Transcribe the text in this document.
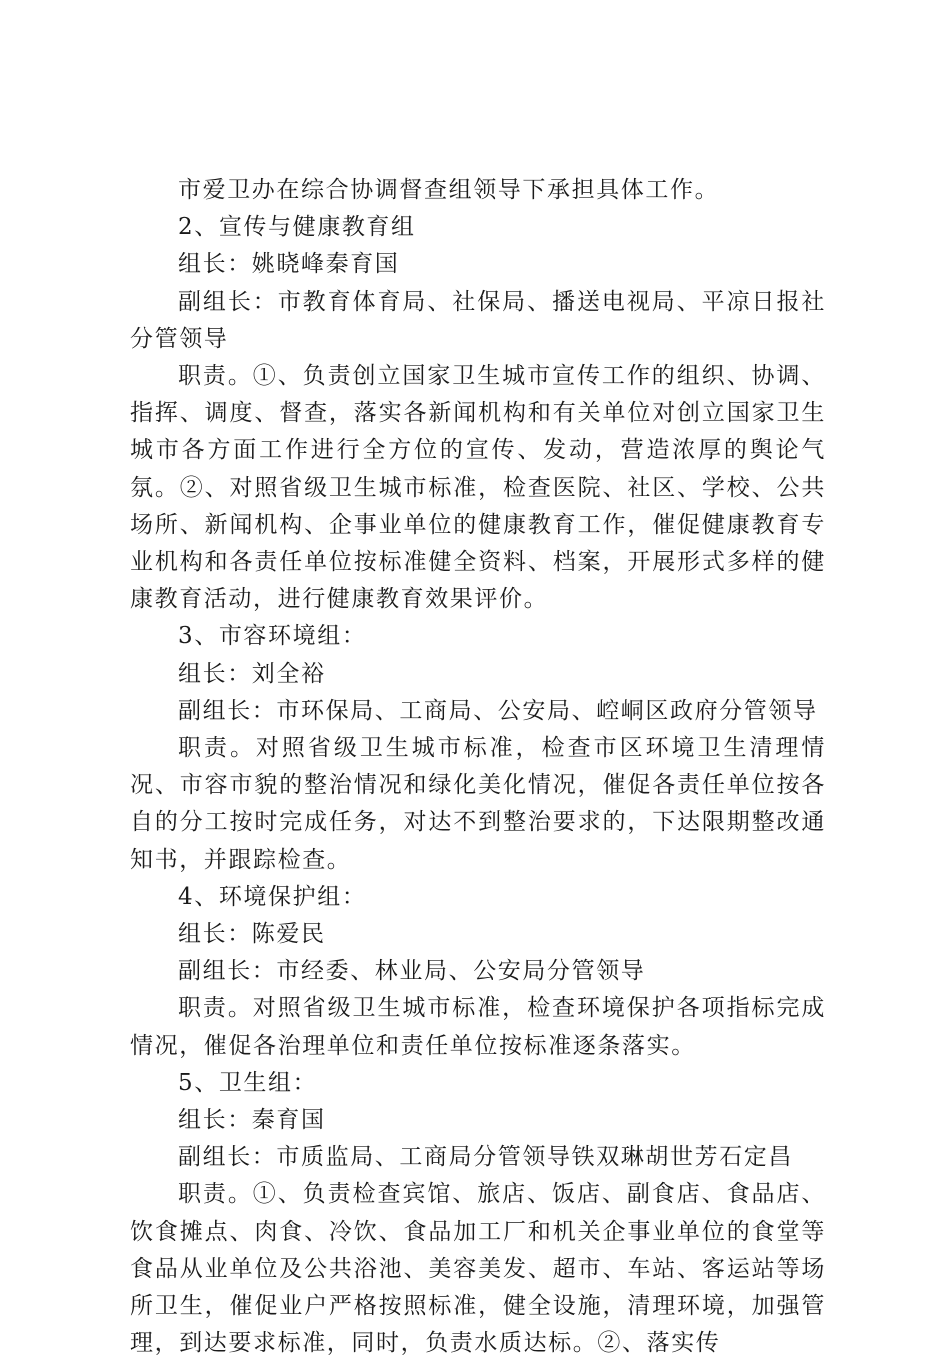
市爱卫办在综合协调督查组领导下承担具体工作。

2、宣传与健康教育组

组长：姚晓峰秦育国

副组长：市教育体育局、社保局、播送电视局、平凉日报社分管领导

职责。①、负责创立国家卫生城市宣传工作的组织、协调、指挥、调度、督查，落实各新闻机构和有关单位对创立国家卫生城市各方面工作进行全方位的宣传、发动，营造浓厚的舆论气氛。②、对照省级卫生城市标准，检查医院、社区、学校、公共场所、新闻机构、企事业单位的健康教育工作，催促健康教育专业机构和各责任单位按标准健全资料、档案，开展形式多样的健康教育活动，进行健康教育效果评价。

3、市容环境组：

组长：刘全裕

副组长：市环保局、工商局、公安局、崆峒区政府分管领导

职责。对照省级卫生城市标准，检查市区环境卫生清理情况、市容市貌的整治情况和绿化美化情况，催促各责任单位按各自的分工按时完成任务，对达不到整治要求的，下达限期整改通知书，并跟踪检查。

4、环境保护组：

组长：陈爱民

副组长：市经委、林业局、公安局分管领导

职责。对照省级卫生城市标准，检查环境保护各项指标完成情况，催促各治理单位和责任单位按标准逐条落实。

5、卫生组：

组长：秦育国

副组长：市质监局、工商局分管领导铁双琳胡世芳石定昌

职责。①、负责检查宾馆、旅店、饭店、副食店、食品店、饮食摊点、肉食、冷饮、食品加工厂和机关企事业单位的食堂等食品从业单位及公共浴池、美容美发、超市、车站、客运站等场所卫生，催促业户严格按照标准，健全设施，清理环境，加强管理，到达要求标准，同时，负责水质达标。②、落实传
